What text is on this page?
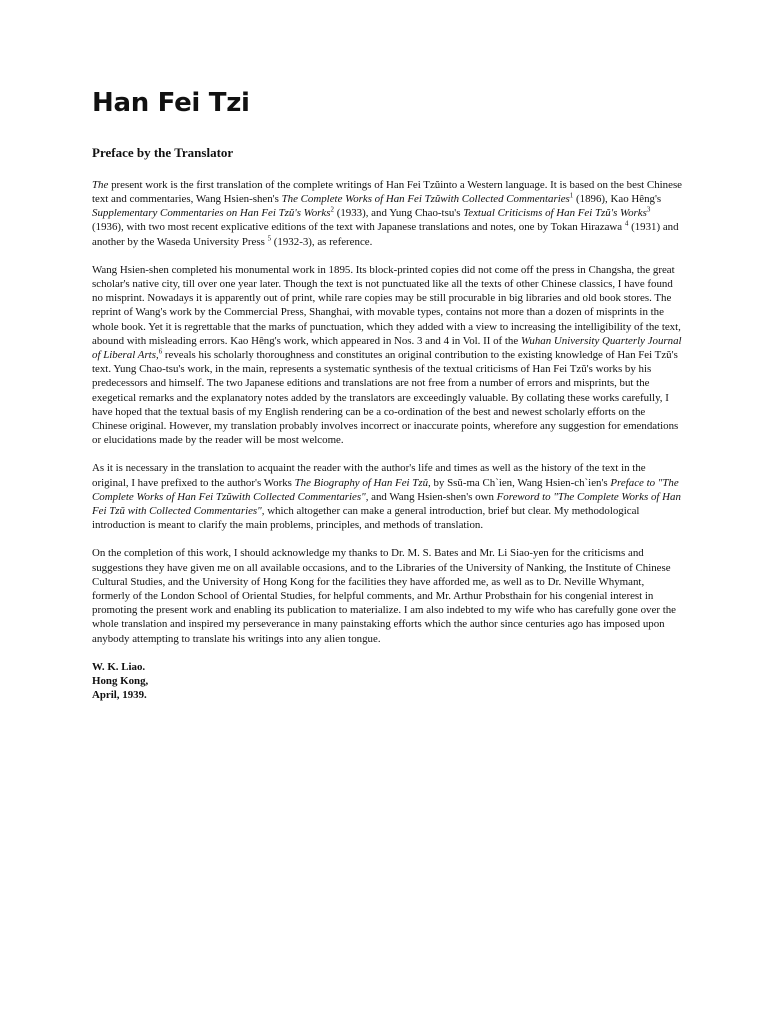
Han Fei Tzi
Preface by the Translator

The present work is the first translation of the complete writings of Han Fei Tzŭinto a Western language. It is based on the best Chinese text and commentaries, Wang Hsien-shen's The Complete Works of Han Fei Tzŭwith Collected Commentaries$^1$ (1896), Kao Hêng's Supplementary Commentaries on Han Fei Tzŭ's Works$^2$ (1933), and Yung Chao-tsu's Textual Criticisms of Han Fei Tzŭ's Works$^3$ (1936), with two most recent explicative editions of the text with Japanese translations and notes, one by Tokan Hirazawa $^4$ (1931) and another by the Waseda University Press $^5$ (1932-3), as reference.

Wang Hsien-shen completed his monumental work in 1895. Its block-printed copies did not come off the press in Changsha, the great scholar's native city, till over one year later. Though the text is not punctuated like all the texts of other Chinese classics, I have found no misprint. Nowadays it is apparently out of print, while rare copies may be still procurable in big libraries and old book stores. The reprint of Wang's work by the Commercial Press, Shanghai, with movable types, contains not more than a dozen of misprints in the whole book. Yet it is regrettable that the marks of punctuation, which they added with a view to increasing the intelligibility of the text, abound with misleading errors. Kao Hêng's work, which appeared in Nos. 3 and 4 in Vol. II of the Wuhan University Quarterly Journal of Liberal Arts,$^6$ reveals his scholarly thoroughness and constitutes an original contribution to the existing knowledge of Han Fei Tzŭ's text. Yung Chao-tsu's work, in the main, represents a systematic synthesis of the textual criticisms of Han Fei Tzŭ's works by his predecessors and himself. The two Japanese editions and translations are not free from a number of errors and misprints, but the exegetical remarks and the explanatory notes added by the translators are exceedingly valuable. By collating these works carefully, I have hoped that the textual basis of my English rendering can be a co-ordination of the best and newest scholarly efforts on the Chinese original. However, my translation probably involves incorrect or inaccurate points, wherefore any suggestion for emendations or elucidations made by the reader will be most welcome.

As it is necessary in the translation to acquaint the reader with the author's life and times as well as the history of the text in the original, I have prefixed to the author's Works The Biography of Han Fei Tzŭ, by Ssŭ-ma Ch`ien, Wang Hsien-ch`ien's Preface to "The Complete Works of Han Fei Tzŭwith Collected Commentaries", and Wang Hsien-shen's own Foreword to "The Complete Works of Han Fei Tzŭ with Collected Commentaries", which altogether can make a general introduction, brief but clear. My methodological introduction is meant to clarify the main problems, principles, and methods of translation.

On the completion of this work, I should acknowledge my thanks to Dr. M. S. Bates and Mr. Li Siao-yen for the criticisms and suggestions they have given me on all available occasions, and to the Libraries of the University of Nanking, the Institute of Chinese Cultural Studies, and the University of Hong Kong for the facilities they have afforded me, as well as to Dr. Neville Whymant, formerly of the London School of Oriental Studies, for helpful comments, and Mr. Arthur Probsthain for his congenial interest in promoting the present work and enabling its publication to materialize. I am also indebted to my wife who has carefully gone over the whole translation and inspired my perseverance in many painstaking efforts which the author since centuries ago has imposed upon anybody attempting to translate his writings into any alien tongue.

W. K. Liao.
Hong Kong,
April, 1939.
